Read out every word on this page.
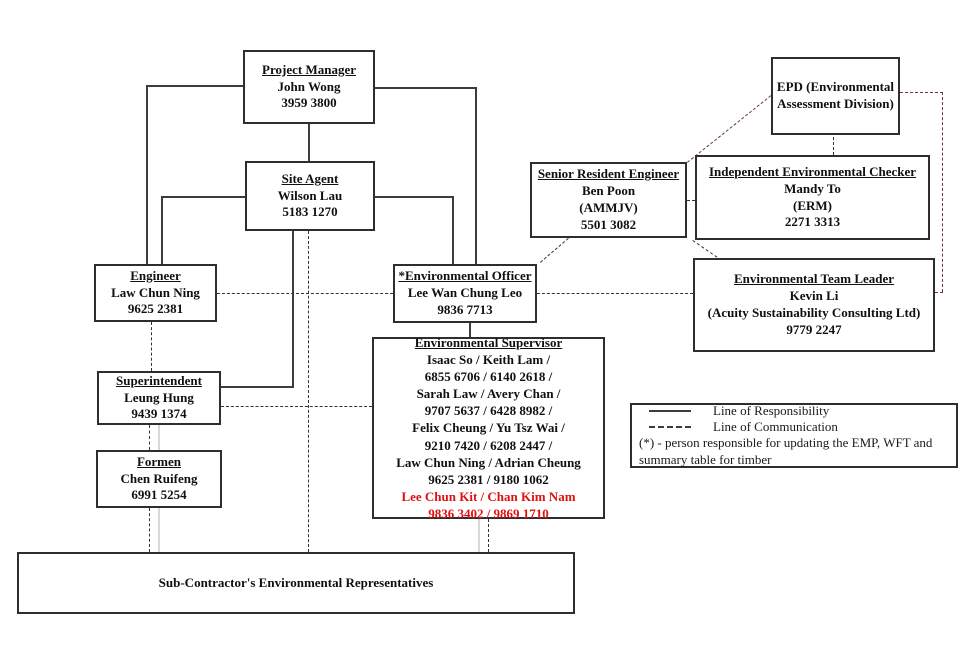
Project Manager
John Wong
3959 3800
Site Agent
Wilson Lau
5183 1270
Engineer
Law Chun Ning
9625 2381
*Environmental Officer
Lee Wan Chung Leo
9836 7713
Superintendent
Leung Hung
9439 1374
Formen
Chen Ruifeng
6991 5254
Environmental Supervisor
Isaac So / Keith Lam /
6855 6706 / 6140 2618 /
Sarah Law / Avery Chan /
9707 5637 / 6428 8982 /
Felix Cheung / Yu Tsz Wai /
9210 7420 / 6208 2447 /
Law Chun Ning / Adrian Cheung
9625 2381 / 9180 1062
Lee Chun Kit / Chan Kim Nam
9836 3402 / 9869 1710
Sub-Contractor's Environmental Representatives
EPD (Environmental
Assessment Division)
Senior Resident Engineer
Ben Poon
(AMMJV)
5501 3082
Independent Environmental Checker
Mandy To
(ERM)
2271 3313
Environmental Team Leader
Kevin Li
(Acuity Sustainability Consulting Ltd)
9779 2247
Line of Responsibility
Line of Communication
(*) - person responsible for updating the EMP, WFT and summary table for timber
